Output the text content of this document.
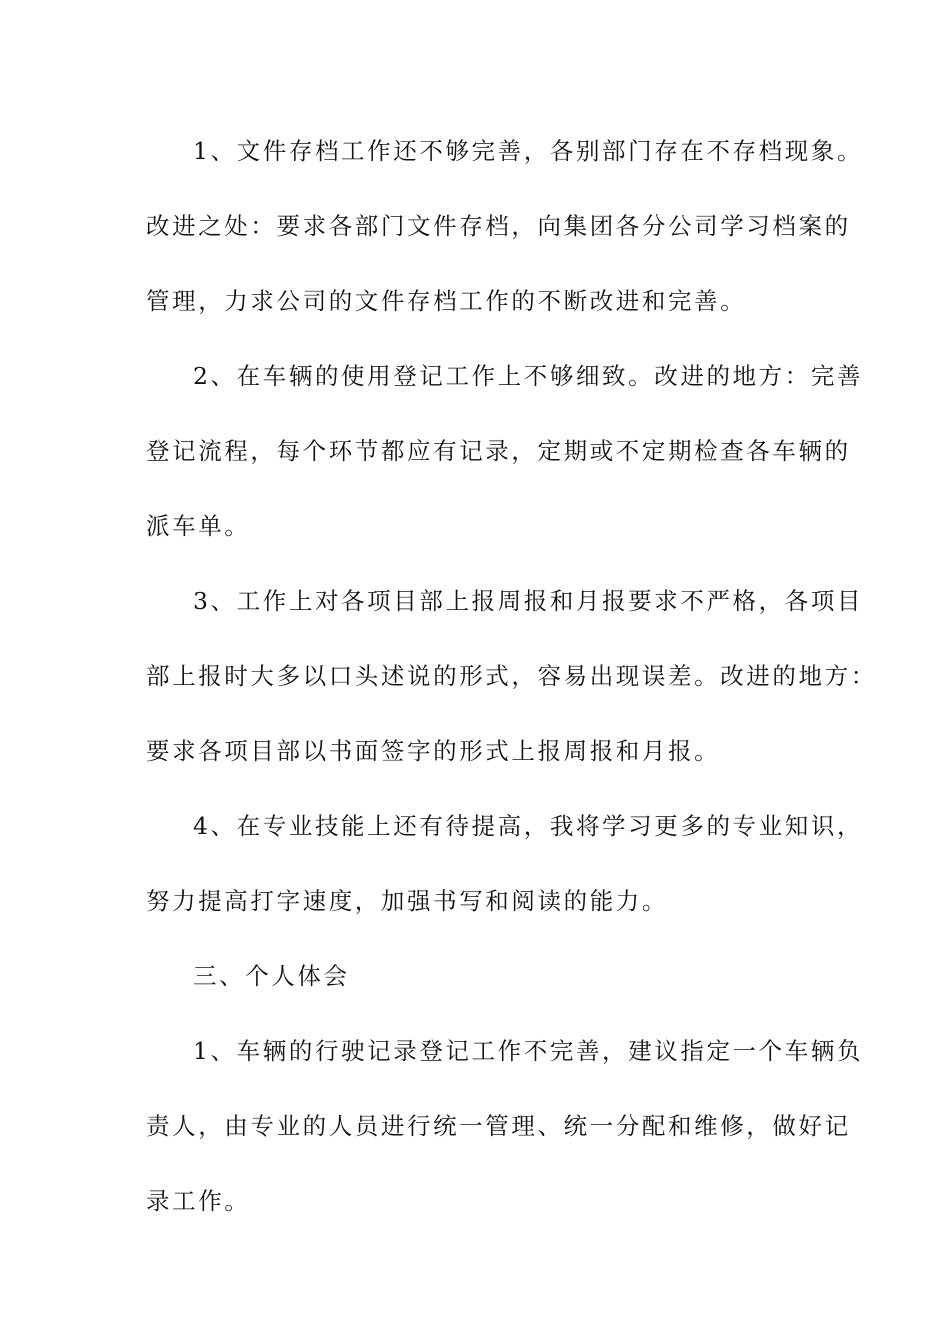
1、文件存档工作还不够完善，各别部门存在不存档现象。
改进之处：要求各部门文件存档，向集团各分公司学习档案的
管理，力求公司的文件存档工作的不断改进和完善。
2、在车辆的使用登记工作上不够细致。改进的地方：完善
登记流程，每个环节都应有记录，定期或不定期检查各车辆的
派车单。
3、工作上对各项目部上报周报和月报要求不严格，各项目
部上报时大多以口头述说的形式，容易出现误差。改进的地方：
要求各项目部以书面签字的形式上报周报和月报。
4、在专业技能上还有待提高，我将学习更多的专业知识，
努力提高打字速度，加强书写和阅读的能力。
三、个人体会
1、车辆的行驶记录登记工作不完善，建议指定一个车辆负
责人，由专业的人员进行统一管理、统一分配和维修，做好记
录工作。
